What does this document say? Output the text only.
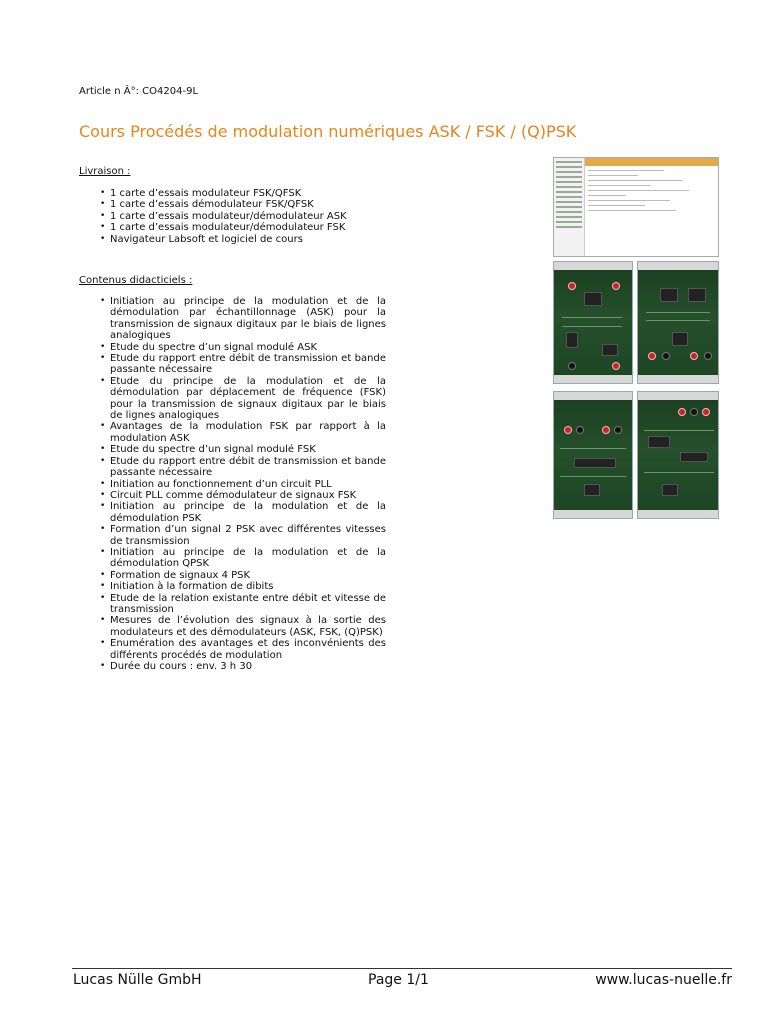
Article n Â°: CO4204-9L
Cours Procédés de modulation numériques ASK / FSK / (Q)PSK
Livraison :
• 1 carte d’essais modulateur FSK/QFSK
• 1 carte d’essais démodulateur FSK/QFSK
• 1 carte d’essais modulateur/démodulateur ASK
• 1 carte d’essais modulateur/démodulateur FSK
• Navigateur Labsoft et logiciel de cours
Contenus didacticiels :
• Initiation au principe de la modulation et de la démodulation par échantillonnage (ASK) pour la transmission de signaux digitaux par le biais de lignes analogiques
• Etude du spectre d’un signal modulé ASK
• Etude du rapport entre débit de transmission et bande passante nécessaire
• Etude du principe de la modulation et de la démodulation par déplacement de fréquence (FSK) pour la transmission de signaux digitaux par le biais de lignes analogiques
• Avantages de la modulation FSK par rapport à la modulation ASK
• Etude du spectre d’un signal modulé FSK
• Etude du rapport entre débit de transmission et bande passante nécessaire
• Initiation au fonctionnement d’un circuit PLL
• Circuit PLL comme démodulateur de signaux FSK
• Initiation au principe de la modulation et de la démodulation PSK
• Formation d’un signal 2 PSK avec différentes vitesses de transmission
• Initiation au principe de la modulation et de la démodulation QPSK
• Formation de signaux 4 PSK
• Initiation à la formation de dibits
• Etude de la relation existante entre débit et vitesse de transmission
• Mesures de l’évolution des signaux à la sortie des modulateurs et des démodulateurs (ASK, FSK, (Q)PSK)
• Enumération des avantages et des inconvénients des différents procédés de modulation
• Durée du cours : env. 3 h 30
Lucas Nülle GmbH	Page 1/1	www.lucas-nuelle.fr
